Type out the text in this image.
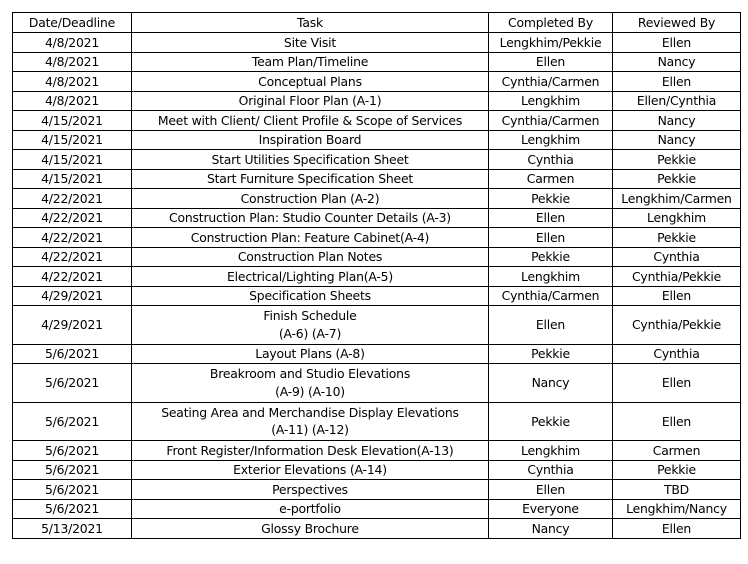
Date/Deadline	Task	Completed By	Reviewed By
4/8/2021	Site Visit	Lengkhim/Pekkie	Ellen
4/8/2021	Team Plan/Timeline	Ellen	Nancy
4/8/2021	Conceptual Plans	Cynthia/Carmen	Ellen
4/8/2021	Original Floor Plan (A-1)	Lengkhim	Ellen/Cynthia
4/15/2021	Meet with Client/ Client Profile & Scope of Services	Cynthia/Carmen	Nancy
4/15/2021	Inspiration Board	Lengkhim	Nancy
4/15/2021	Start Utilities Specification Sheet	Cynthia	Pekkie
4/15/2021	Start Furniture Specification Sheet	Carmen	Pekkie
4/22/2021	Construction Plan (A-2)	Pekkie	Lengkhim/Carmen
4/22/2021	Construction Plan: Studio Counter Details (A-3)	Ellen	Lengkhim
4/22/2021	Construction Plan: Feature Cabinet(A-4)	Ellen	Pekkie
4/22/2021	Construction Plan Notes	Pekkie	Cynthia
4/22/2021	Electrical/Lighting Plan(A-5)	Lengkhim	Cynthia/Pekkie
4/29/2021	Specification Sheets	Cynthia/Carmen	Ellen
4/29/2021	Finish Schedule
(A-6) (A-7)	Ellen	Cynthia/Pekkie
5/6/2021	Layout Plans (A-8)	Pekkie	Cynthia
5/6/2021	Breakroom and Studio Elevations
(A-9) (A-10)	Nancy	Ellen
5/6/2021	Seating Area and Merchandise Display Elevations
(A-11) (A-12)	Pekkie	Ellen
5/6/2021	Front Register/Information Desk Elevation(A-13)	Lengkhim	Carmen
5/6/2021	Exterior Elevations (A-14)	Cynthia	Pekkie
5/6/2021	Perspectives	Ellen	TBD
5/6/2021	e-portfolio	Everyone	Lengkhim/Nancy
5/13/2021	Glossy Brochure	Nancy	Ellen
